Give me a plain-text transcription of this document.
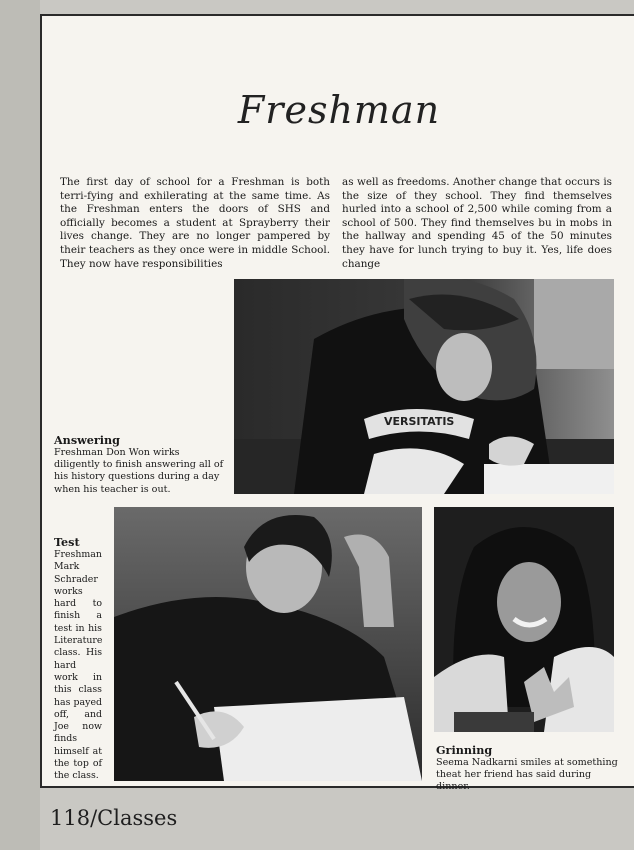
Freshman

The first day of school for a Freshman is both terri-fying and exhilerating at the same time. As the Freshman enters the doors of SHS and officially becomes a student at Sprayberry their lives change. They are no longer pampered by their teachers as they once were in middle School. They now have responsibilities

as well as freedoms. Another change that occurs is the size of they school. They find themselves hurled into a school of 2,500 while coming from a school of 500. They find themselves bu in mobs in the hallway and spending 45 of the 50 minutes they have for lunch trying to buy it. Yes, life does change

VERSITATIS
Answering
Freshman Don Won wirks diligently to finish answering all of his history questions during a day when his teacher is out.
Test
Freshman Mark Schrader works hard to finish a test in his Literature class. His hard work in this class has payed off, and Joe now finds himself at the top of the class.
Grinning
Seema Nadkarni smiles at something theat her friend has said during dinner.
118/Classes
